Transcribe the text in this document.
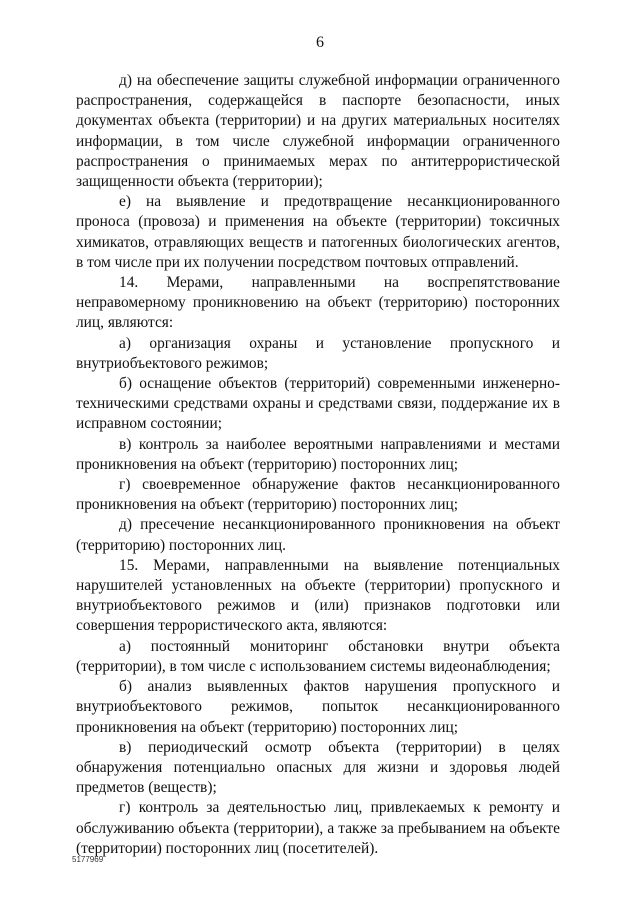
6

д) на обеспечение защиты служебной информации ограниченного распространения, содержащейся в паспорте безопасности, иных документах объекта (территории) и на других материальных носителях информации, в том числе служебной информации ограниченного распространения о принимаемых мерах по антитеррористической защищенности объекта (территории);

е) на выявление и предотвращение несанкционированного проноса (провоза) и применения на объекте (территории) токсичных химикатов, отравляющих веществ и патогенных биологических агентов, в том числе при их получении посредством почтовых отправлений.

14. Мерами, направленными на воспрепятствование неправомерному проникновению на объект (территорию) посторонних лиц, являются:

а) организация охраны и установление пропускного и внутриобъектового режимов;

б) оснащение объектов (территорий) современными инженерно-техническими средствами охраны и средствами связи, поддержание их в исправном состоянии;

в) контроль за наиболее вероятными направлениями и местами проникновения на объект (территорию) посторонних лиц;

г) своевременное обнаружение фактов несанкционированного проникновения на объект (территорию) посторонних лиц;

д) пресечение несанкционированного проникновения на объект (территорию) посторонних лиц.

15. Мерами, направленными на выявление потенциальных нарушителей установленных на объекте (территории) пропускного и внутриобъектового режимов и (или) признаков подготовки или совершения террористического акта, являются:

а) постоянный мониторинг обстановки внутри объекта (территории), в том числе с использованием системы видеонаблюдения;

б) анализ выявленных фактов нарушения пропускного и внутриобъектового режимов, попыток несанкционированного проникновения на объект (территорию) посторонних лиц;

в) периодический осмотр объекта (территории) в целях обнаружения потенциально опасных для жизни и здоровья людей предметов (веществ);

г) контроль за деятельностью лиц, привлекаемых к ремонту и обслуживанию объекта (территории), а также за пребыванием на объекте (территории) посторонних лиц (посетителей).

5177969
